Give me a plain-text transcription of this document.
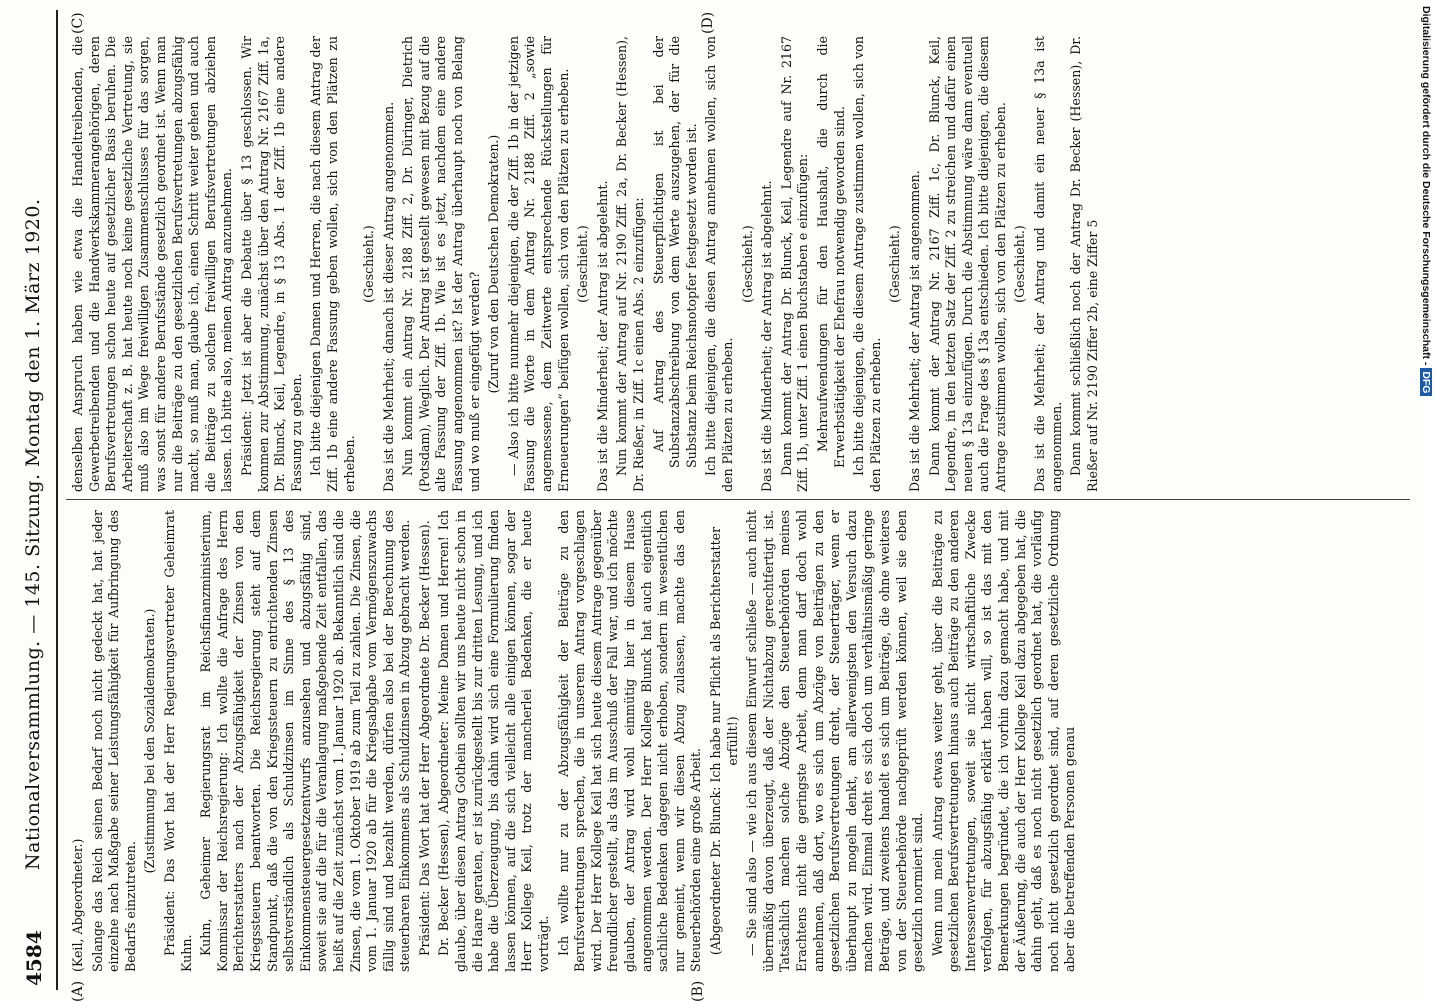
4584
Nationalversammlung. — 145. Sitzung. Montag den 1. März 1920.
(A)	(B)
(C)	(D)

(Keil, Abgeordneter.) Solange das Reich seinen Bedarf noch nicht gedeckt hat, hat jeder einzelne nach Maßgabe seiner Leistungsfähigkeit für Aufbringung des Bedarfs einzutreten.

(Zustimmung bei den Sozialdemokraten.) Präsident: Das Wort hat der Herr Regierungsvertreter Geheimrat Kuhn. Kuhn, Geheimer Regierungsrat im Reichsfinanzministerium, Kommissar der Reichsregierung: Ich wollte die Anfrage des Herrn Berichterstatters nach der Abzugsfähigkeit der Zinsen von den Kriegssteuern beantworten. Die Reichsregierung steht auf dem Standpunkt, daß die von den Kriegssteuern zu entrichtenden Zinsen selbstverständlich als Schuldzinsen im Sinne des § 13 des Einkommensteuergesetzentwurfs anzusehen und abzugsfähig sind, soweit sie auf die für die Veranlagung maßgebende Zeit entfallen, das heißt auf die Zeit zunächst vom 1. Januar 1920 ab. Bekanntlich sind die Zinsen, die vom 1. Oktober 1919 ab zum Teil zu zahlen. Die Zinsen, die vom 1. Januar 1920 ab für die Kriegsabgabe vom Vermögenszuwachs fällig sind und bezahlt werden, dürfen also bei der Berechnung des steuerbaren Einkommens als Schuldzinsen in Abzug gebracht werden. Präsident: Das Wort hat der Herr Abgeordnete Dr. Becker (Hessen). Dr. Becker (Hessen), Abgeordneter: Meine Damen und Herren! Ich glaube, über diesen Antrag Gothein sollten wir uns heute nicht schon in die Haare geraten, er ist zurückgestellt bis zur dritten Lesung, und ich habe die Überzeugung, bis dahin wird sich eine Formulierung finden lassen können, auf die sich vielleicht alle einigen können, sogar der Herr Kollege Keil, trotz der mancherlei Bedenken, die er heute vorträgt. Ich wollte nur zu der Abzugsfähigkeit der Beiträge zu den Berufsvertretungen sprechen, die in unserem Antrag vorgeschlagen wird. Der Herr Kollege Keil hat sich heute diesem Antrage gegenüber freundlicher gestellt, als das im Ausschuß der Fall war, und ich möchte glauben, der Antrag wird wohl einmütig hier in diesem Hause angenommen werden. Der Herr Kollege Blunck hat auch eigentlich sachliche Bedenken dagegen nicht erhoben, sondern im wesentlichen nur gemeint, wenn wir diesen Abzug zulassen, machte das den Steuerbehörden eine große Arbeit. (Abgeordneter Dr. Blunck: Ich habe nur Pflicht als Berichterstatter erfüllt!) — Sie sind also — wie ich aus diesem Einwurf schließe — auch nicht übermäßig davon überzeugt, daß der Nichtabzug gerechtfertigt ist. Tatsächlich machen solche Abzüge den Steuerbehörden meines Erachtens nicht die geringste Arbeit, denn man darf doch wohl annehmen, daß dort, wo es sich um Abzüge von Beiträgen zu den gesetzlichen Berufsvertretungen dreht, der Steuerträger, wenn er überhaupt zu mogeln denkt, am allerwenigsten den Versuch dazu machen wird. Einmal dreht es sich doch um verhältnismäßig geringe Beträge, und zweitens handelt es sich um Beiträge, die ohne weiteres von der Steuerbehörde nachgeprüft werden können, weil sie eben gesetzlich normiert sind. Wenn nun mein Antrag etwas weiter geht, über die Beiträge zu gesetzlichen Berufsvertretungen hinaus auch Beiträge zu den anderen Interessenvertretungen, soweit sie nicht wirtschaftliche Zwecke verfolgen, für abzugsfähig erklärt haben will, so ist das mit den Bemerkungen begründet, die ich vorhin dazu gemacht habe, und mit der Äußerung, die auch der Herr Kollege Keil dazu abgegeben hat, die dahin geht, daß es noch nicht gesetzlich geordnet hat, die vorläufig noch nicht gesetzlich geordnet sind, auf deren gesetzliche Ordnung aber die betreffenden Personen genau

denselben Anspruch haben wie etwa die Handeltreibenden, die Gewerbetreibenden und die Handwerkskammerangehörigen, deren Berufsvertretungen schon heute auf gesetzlicher Basis beruhen. Die Arbeiterschaft z. B. hat heute noch keine gesetzliche Vertretung, sie muß also im Wege freiwilligen Zusammenschlusses für das sorgen, was sonst für andere Berufsstände gesetzlich geordnet ist. Wenn man nur die Beiträge zu den gesetzlichen Berufsvertretungen abzugsfähig macht, so muß man, glaube ich, einen Schritt weiter gehen und auch die Beiträge zu solchen freiwilligen Berufsvertretungen abziehen lassen. Ich bitte also, meinen Antrag anzunehmen. Präsident: Jetzt ist aber die Debatte über § 13 geschlossen. Wir kommen zur Abstimmung, zunächst über den Antrag Nr. 2167 Ziff. 1a, Dr. Blunck, Keil, Legendre, in § 13 Abs. 1 der Ziff. 1b eine andere Fassung zu geben. Ich bitte diejenigen Damen und Herren, die nach diesem Antrag der Ziff. 1b eine andere Fassung geben wollen, sich von den Plätzen zu erheben.

(Geschieht.) Das ist die Mehrheit; danach ist dieser Antrag angenommen. Nun kommt ein Antrag Nr. 2188 Ziff. 2, Dr. Düringer, Dietrich (Potsdam), Weglich. Der Antrag ist gestellt gewesen mit Bezug auf die alte Fassung der Ziff. 1b. Wie ist es jetzt, nachdem eine andere Fassung angenommen ist? Ist der Antrag überhaupt noch von Belang und wo muß er eingefügt werden? (Zuruf von den Deutschen Demokraten.) — Also ich bitte nunmehr diejenigen, die der Ziff. 1b in der jetzigen Fassung die Worte in dem Antrag Nr. 2188 Ziff. 2 „sowie angemessene, dem Zeitwerte entsprechende Rückstellungen für Erneuerungen“ beifügen wollen, sich von den Plätzen zu erheben. (Geschieht.) Das ist die Minderheit; der Antrag ist abgelehnt. Nun kommt der Antrag auf Nr. 2190 Ziff. 2a, Dr. Becker (Hessen), Dr. Rießer, in Ziff. 1c einen Abs. 2 einzufügen: Auf Antrag des Steuerpflichtigen ist bei der Substanzabschreibung von dem Werte auszugehen, der für die Substanz beim Reichsnotopfer festgesetzt worden ist. Ich bitte diejenigen, die diesen Antrag annehmen wollen, sich von den Plätzen zu erheben.

(Geschieht.) Das ist die Minderheit; der Antrag ist abgelehnt. Dann kommt der Antrag Dr. Blunck, Keil, Legendre auf Nr. 2167 Ziff. 1b, unter Ziff. 1 einen Buchstaben e einzufügen: Mehraufwendungen für den Haushalt, die durch die Erwerbstätigkeit der Ehefrau notwendig geworden sind. Ich bitte diejenigen, die diesem Antrage zustimmen wollen, sich von den Plätzen zu erheben.

(Geschieht.) Das ist die Mehrheit; der Antrag ist angenommen. Dann kommt der Antrag Nr. 2167 Ziff. 1c, Dr. Blunck, Keil, Legendre, in den letzten Satz der Ziff. 2 zu streichen und dafür einen neuen § 13a einzufügen. Durch die Abstimmung wäre dann eventuell auch die Frage des § 13a entschieden. Ich bitte diejenigen, die diesem Antrage zustimmen wollen, sich von den Plätzen zu erheben. (Geschieht.) Das ist die Mehrheit; der Antrag und damit ein neuer § 13a ist angenommen. Dann kommt schließlich noch der Antrag Dr. Becker (Hessen), Dr. Rießer auf Nr. 2190 Ziffer 2b, eine Ziffer 5	Digitalisierung gefördert durch die Deutsche Forschungsgemeinschaft - DFG
